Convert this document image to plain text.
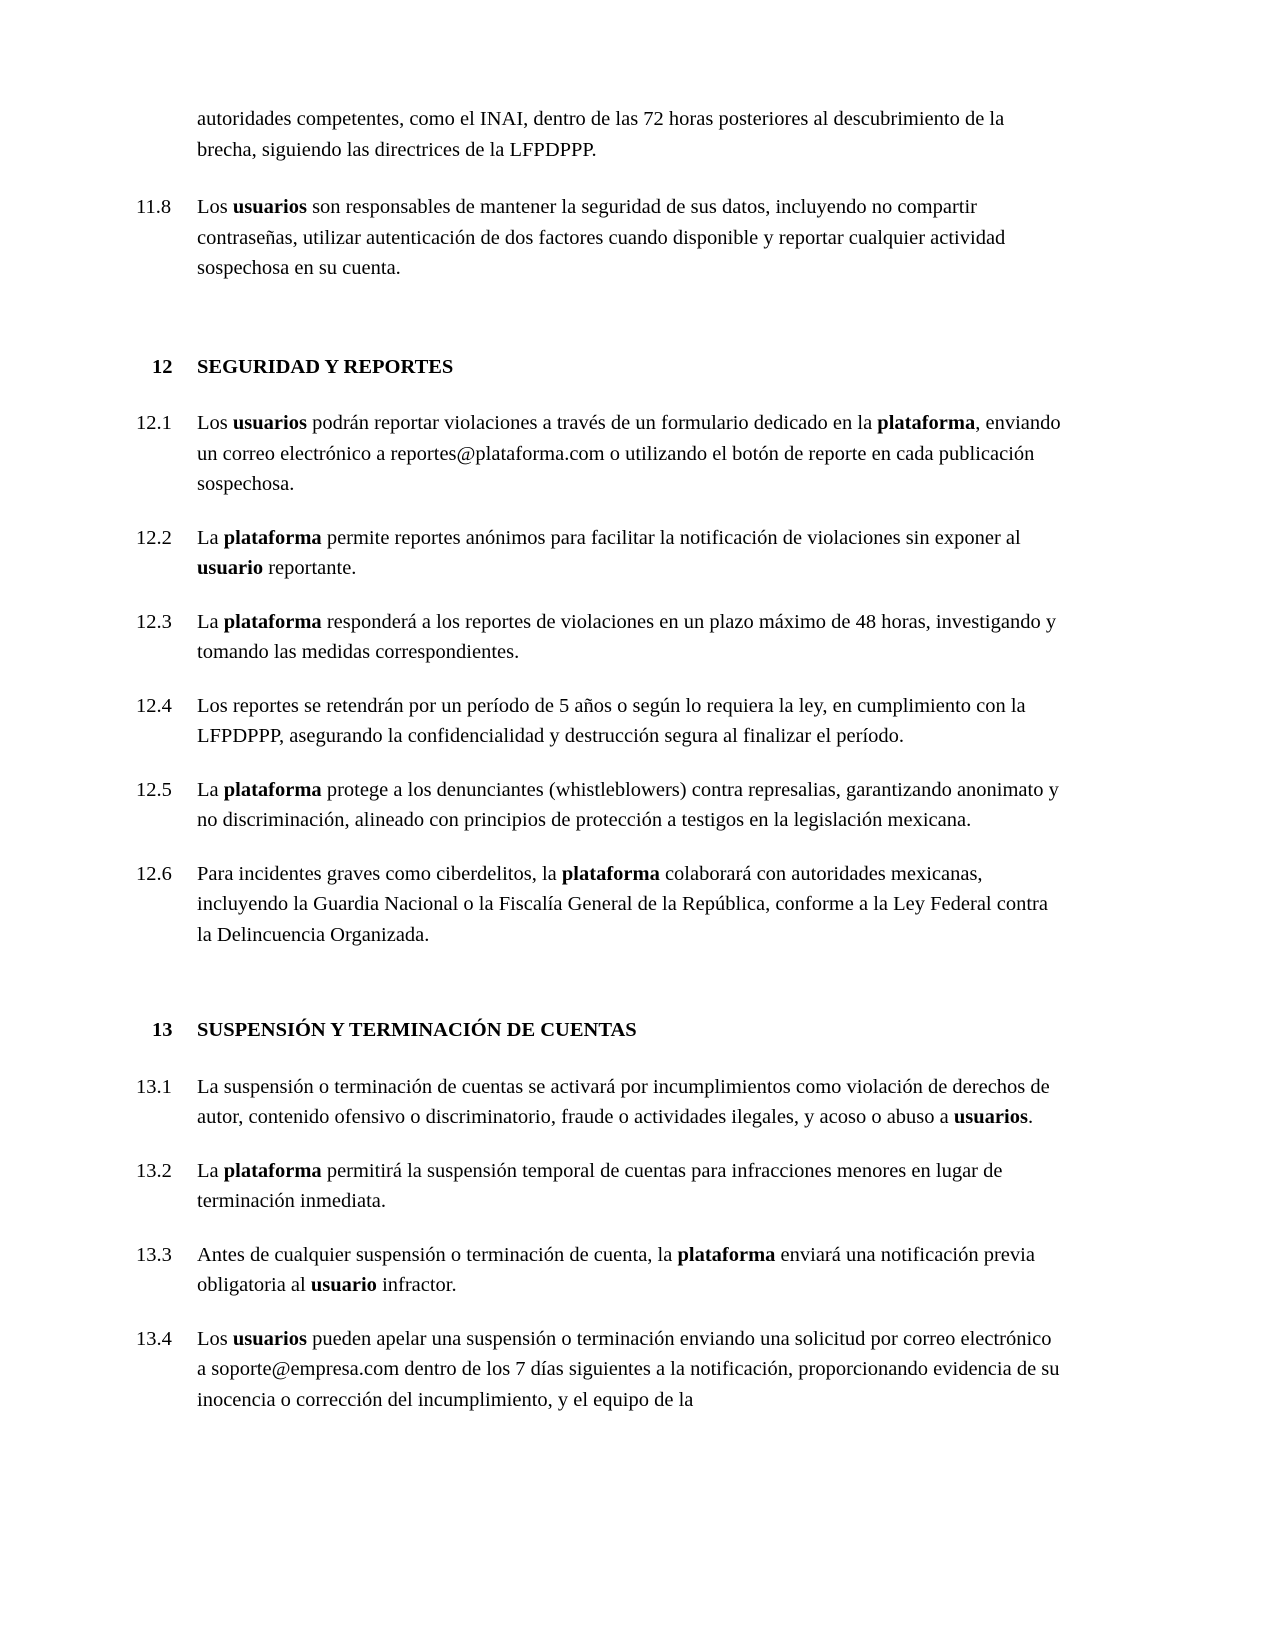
autoridades competentes, como el INAI, dentro de las 72 horas posteriores al descubrimiento de la brecha, siguiendo las directrices de la LFPDPPP.
11.8	Los usuarios son responsables de mantener la seguridad de sus datos, incluyendo no compartir contraseñas, utilizar autenticación de dos factores cuando disponible y reportar cualquier actividad sospechosa en su cuenta.
12	SEGURIDAD Y REPORTES
12.1	Los usuarios podrán reportar violaciones a través de un formulario dedicado en la plataforma, enviando un correo electrónico a reportes@plataforma.com o utilizando el botón de reporte en cada publicación sospechosa.
12.2	La plataforma permite reportes anónimos para facilitar la notificación de violaciones sin exponer al usuario reportante.
12.3	La plataforma responderá a los reportes de violaciones en un plazo máximo de 48 horas, investigando y tomando las medidas correspondientes.
12.4	Los reportes se retendrán por un período de 5 años o según lo requiera la ley, en cumplimiento con la LFPDPPP, asegurando la confidencialidad y destrucción segura al finalizar el período.
12.5	La plataforma protege a los denunciantes (whistleblowers) contra represalias, garantizando anonimato y no discriminación, alineado con principios de protección a testigos en la legislación mexicana.
12.6	Para incidentes graves como ciberdelitos, la plataforma colaborará con autoridades mexicanas, incluyendo la Guardia Nacional o la Fiscalía General de la República, conforme a la Ley Federal contra la Delincuencia Organizada.
13	SUSPENSIÓN Y TERMINACIÓN DE CUENTAS
13.1	La suspensión o terminación de cuentas se activará por incumplimientos como violación de derechos de autor, contenido ofensivo o discriminatorio, fraude o actividades ilegales, y acoso o abuso a usuarios.
13.2	La plataforma permitirá la suspensión temporal de cuentas para infracciones menores en lugar de terminación inmediata.
13.3	Antes de cualquier suspensión o terminación de cuenta, la plataforma enviará una notificación previa obligatoria al usuario infractor.
13.4	Los usuarios pueden apelar una suspensión o terminación enviando una solicitud por correo electrónico a soporte@empresa.com dentro de los 7 días siguientes a la notificación, proporcionando evidencia de su inocencia o corrección del incumplimiento, y el equipo de la
